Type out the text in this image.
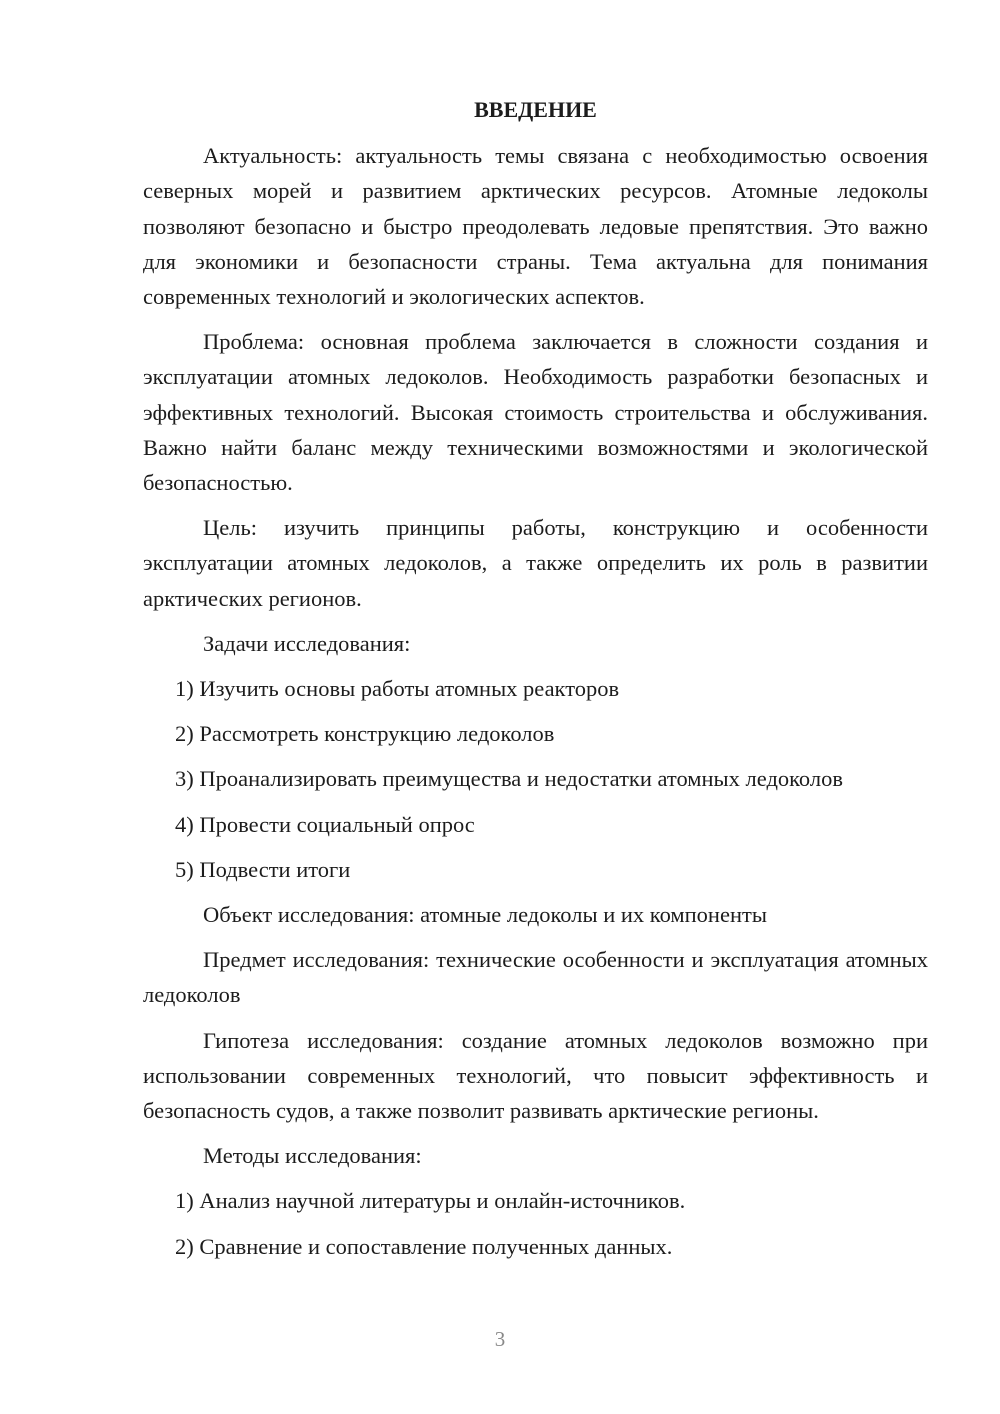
ВВЕДЕНИЕ
Актуальность: актуальность темы связана с необходимостью освоения северных морей и развитием арктических ресурсов. Атомные ледоколы позволяют безопасно и быстро преодолевать ледовые препятствия. Это важно для экономики и безопасности страны. Тема актуальна для понимания современных технологий и экологических аспектов.
Проблема: основная проблема заключается в сложности создания и эксплуатации атомных ледоколов. Необходимость разработки безопасных и эффективных технологий. Высокая стоимость строительства и обслуживания. Важно найти баланс между техническими возможностями и экологической безопасностью.
Цель: изучить принципы работы, конструкцию и особенности эксплуатации атомных ледоколов, а также определить их роль в развитии арктических регионов.
Задачи исследования:
1) Изучить основы работы атомных реакторов
2) Рассмотреть конструкцию ледоколов
3) Проанализировать преимущества и недостатки атомных ледоколов
4) Провести социальный опрос
5) Подвести итоги
Объект исследования: атомные ледоколы и их компоненты
Предмет исследования: технические особенности и эксплуатация атомных ледоколов
Гипотеза исследования: создание атомных ледоколов возможно при использовании современных технологий, что повысит эффективность и безопасность судов, а также позволит развивать арктические регионы.
Методы исследования:
1) Анализ научной литературы и онлайн-источников.
2) Сравнение и сопоставление полученных данных.
3
